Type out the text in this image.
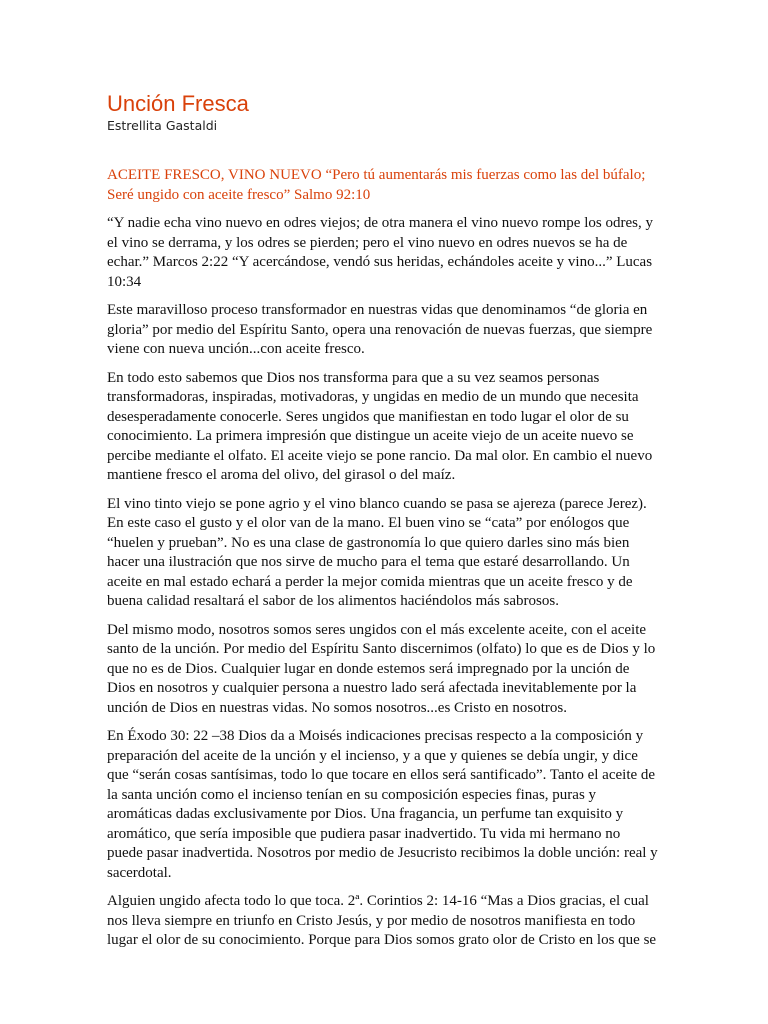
Unción Fresca

Estrellita Gastaldi

ACEITE FRESCO, VINO NUEVO “Pero tú aumentarás mis fuerzas como las del búfalo; Seré ungido con aceite fresco” Salmo 92:10

“Y nadie echa vino nuevo en odres viejos; de otra manera el vino nuevo rompe los odres, y el vino se derrama, y los odres se pierden; pero el vino nuevo en odres nuevos se ha de echar.” Marcos 2:22 “Y acercándose, vendó sus heridas, echándoles aceite y vino...” Lucas 10:34

Este maravilloso proceso transformador en nuestras vidas que denominamos “de gloria en gloria” por medio del Espíritu Santo, opera una renovación de nuevas fuerzas, que siempre viene con nueva unción...con aceite fresco.

En todo esto sabemos que Dios nos transforma para que a su vez seamos personas transformadoras, inspiradas, motivadoras, y ungidas en medio de un mundo que necesita desesperadamente conocerle. Seres ungidos que manifiestan en todo lugar el olor de su conocimiento. La primera impresión que distingue un aceite viejo de un aceite nuevo se percibe mediante el olfato. El aceite viejo se pone rancio. Da mal olor. En cambio el nuevo mantiene fresco el aroma del olivo, del girasol o del maíz.

El vino tinto viejo se pone agrio y el vino blanco cuando se pasa se ajereza (parece Jerez). En este caso el gusto y el olor van de la mano. El buen vino se “cata” por enólogos que “huelen y prueban”. No es una clase de gastronomía lo que quiero darles sino más bien hacer una ilustración que nos sirve de mucho para el tema que estaré desarrollando. Un aceite en mal estado echará a perder la mejor comida mientras que un aceite fresco y de buena calidad resaltará el sabor de los alimentos haciéndolos más sabrosos.

Del mismo modo, nosotros somos seres ungidos con el más excelente aceite, con el aceite santo de la unción. Por medio del Espíritu Santo discernimos (olfato) lo que es de Dios y lo que no es de Dios. Cualquier lugar en donde estemos será impregnado por la unción de Dios en nosotros y cualquier persona a nuestro lado será afectada inevitablemente por la unción de Dios en nuestras vidas. No somos nosotros...es Cristo en nosotros.

En Éxodo 30: 22 –38 Dios da a Moisés indicaciones precisas respecto a la composición y preparación del aceite de la unción y el incienso, y a que y quienes se debía ungir, y dice que “serán cosas santísimas, todo lo que tocare en ellos será santificado”. Tanto el aceite de la santa unción como el incienso tenían en su composición especies finas, puras y aromáticas dadas exclusivamente por Dios. Una fragancia, un perfume tan exquisito y aromático, que sería imposible que pudiera pasar inadvertido. Tu vida mi hermano no puede pasar inadvertida. Nosotros por medio de Jesucristo recibimos la doble unción: real y sacerdotal.

Alguien ungido afecta todo lo que toca. 2ª. Corintios 2: 14-16 “Mas a Dios gracias, el cual nos lleva siempre en triunfo en Cristo Jesús, y por medio de nosotros manifiesta en todo lugar el olor de su conocimiento. Porque para Dios somos grato olor de Cristo en los que se
